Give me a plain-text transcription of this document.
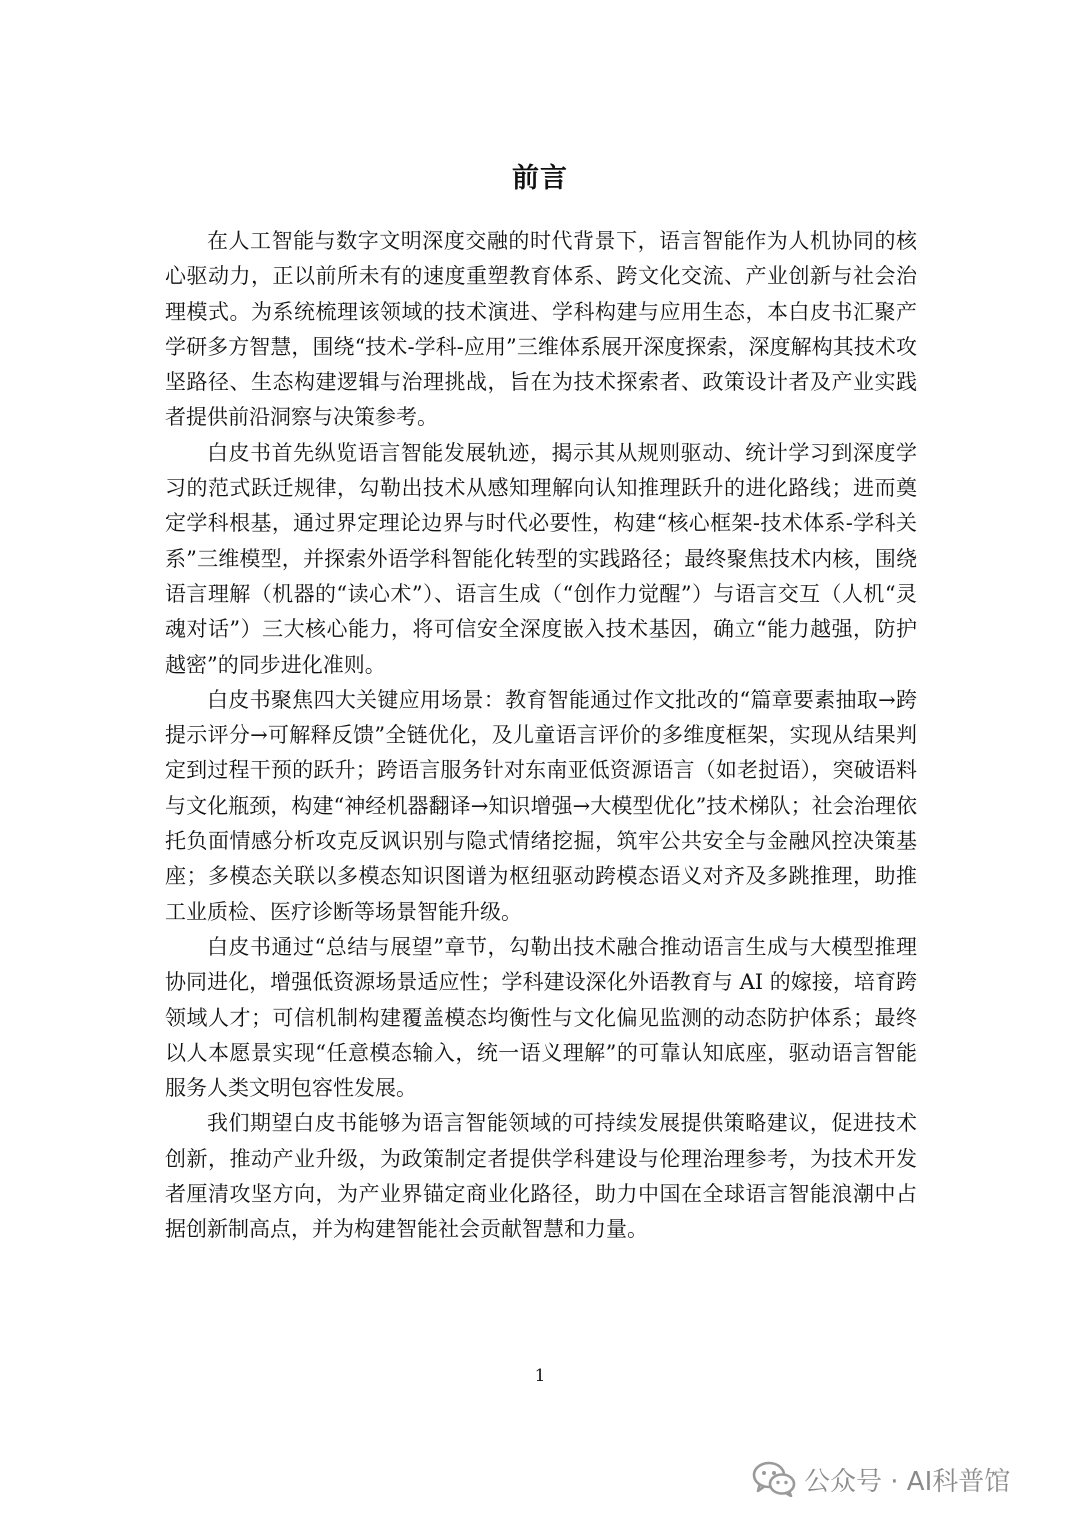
前言

在人工智能与数字文明深度交融的时代背景下，语言智能作为人机协同的核心驱动力，正以前所未有的速度重塑教育体系、跨文化交流、产业创新与社会治理模式。为系统梳理该领域的技术演进、学科构建与应用生态，本白皮书汇聚产学研多方智慧，围绕“技术-学科-应用”三维体系展开深度探索，深度解构其技术攻坚路径、生态构建逻辑与治理挑战，旨在为技术探索者、政策设计者及产业实践者提供前沿洞察与决策参考。

白皮书首先纵览语言智能发展轨迹，揭示其从规则驱动、统计学习到深度学习的范式跃迁规律，勾勒出技术从感知理解向认知推理跃升的进化路线；进而奠定学科根基，通过界定理论边界与时代必要性，构建“核心框架-技术体系-学科关系”三维模型，并探索外语学科智能化转型的实践路径；最终聚焦技术内核，围绕语言理解（机器的“读心术”）、语言生成（“创作力觉醒”）与语言交互（人机“灵魂对话”）三大核心能力，将可信安全深度嵌入技术基因，确立“能力越强，防护越密”的同步进化准则。

白皮书聚焦四大关键应用场景：教育智能通过作文批改的“篇章要素抽取→跨提示评分→可解释反馈”全链优化，及儿童语言评价的多维度框架，实现从结果判定到过程干预的跃升；跨语言服务针对东南亚低资源语言（如老挝语），突破语料与文化瓶颈，构建“神经机器翻译→知识增强→大模型优化”技术梯队；社会治理依托负面情感分析攻克反讽识别与隐式情绪挖掘，筑牢公共安全与金融风控决策基座；多模态关联以多模态知识图谱为枢纽驱动跨模态语义对齐及多跳推理，助推工业质检、医疗诊断等场景智能升级。

白皮书通过“总结与展望”章节，勾勒出技术融合推动语言生成与大模型推理协同进化，增强低资源场景适应性；学科建设深化外语教育与 AI 的嫁接，培育跨领域人才；可信机制构建覆盖模态均衡性与文化偏见监测的动态防护体系；最终以人本愿景实现“任意模态输入，统一语义理解”的可靠认知底座，驱动语言智能服务人类文明包容性发展。

我们期望白皮书能够为语言智能领域的可持续发展提供策略建议，促进技术创新，推动产业升级，为政策制定者提供学科建设与伦理治理参考，为技术开发者厘清攻坚方向，为产业界锚定商业化路径，助力中国在全球语言智能浪潮中占据创新制高点，并为构建智能社会贡献智慧和力量。

1
公众号 · AI科普馆
